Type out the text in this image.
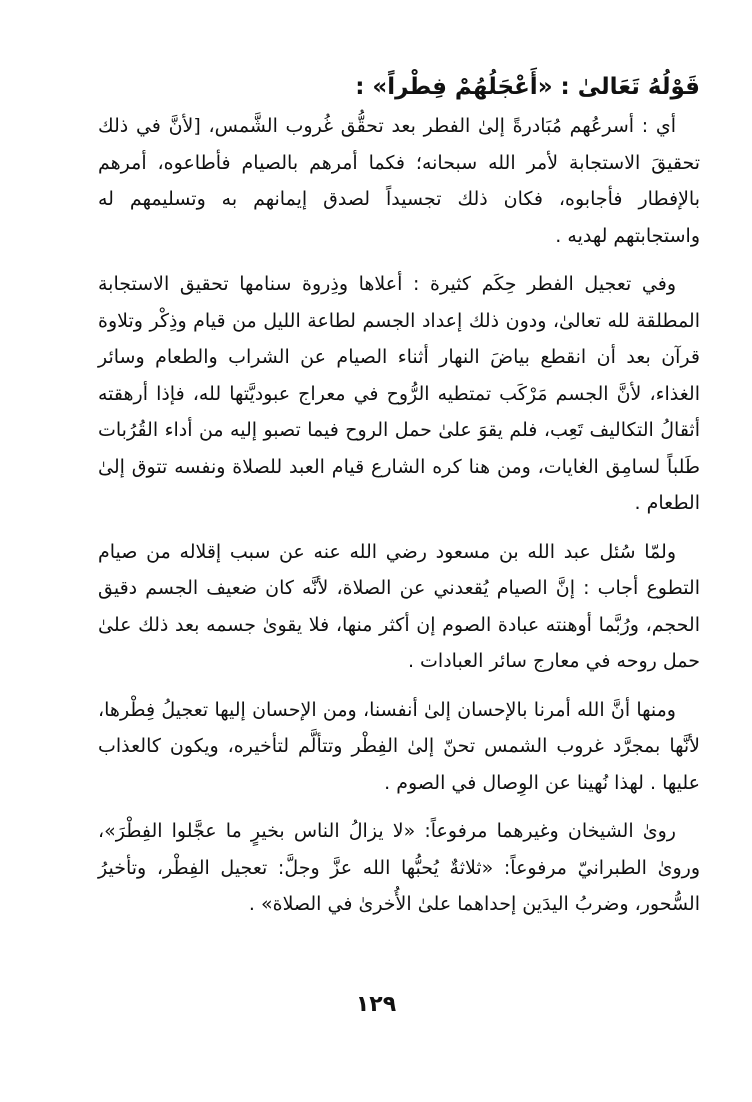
قَوْلُهُ تَعَالىٰ : «أَعْجَلُهُمْ فِطْراً» :

أي : أسرعُهم مُبَادرةً إلىٰ الفطر بعد تحقُّق غُروب الشَّمس، [لأنَّ في ذلك تحقيقَ الاستجابة لأمر الله سبحانه؛ فكما أمرهم بالصيام فأطاعوه، أمرهم بالإفطار فأجابوه، فكان ذلك تجسيداً لصدق إيمانهم به وتسليمهم له واستجابتهم لهديه .

وفي تعجيل الفطر حِكَم كثيرة : أعلاها وذِروة سنامها تحقيق الاستجابة المطلقة لله تعالىٰ، ودون ذلك إعداد الجسم لطاعة الليل من قيام وذِكْر وتلاوة قرآن بعد أن انقطع بياضَ النهار أثناء الصيام عن الشراب والطعام وسائر الغذاء، لأنَّ الجسم مَرْكَب تمتطيه الرُّوح في معراج عبوديَّتها لله، فإذا أرهقته أثقالُ التكاليف تَعِب، فلم يقوَ علىٰ حمل الروح فيما تصبو إليه من أداء القُرُبات طَلباً لسامِق الغايات، ومن هنا كره الشارع قيام العبد للصلاة ونفسه تتوق إلىٰ الطعام .

ولمّا سُئل عبد الله بن مسعود رضي الله عنه عن سبب إقلاله من صيام التطوع أجاب : إنَّ الصيام يُقعدني عن الصلاة، لأنَّه كان ضعيف الجسم دقيق الحجم، ورُبَّما أوهنته عبادة الصوم إن أكثر منها، فلا يقوىٰ جسمه بعد ذلك علىٰ حمل روحه في معارج سائر العبادات .

ومنها أنَّ الله أمرنا بالإحسان إلىٰ أنفسنا، ومن الإحسان إليها تعجيلُ فِطْرها، لأنَّها بمجرَّد غروب الشمس تحنّ إلىٰ الفِطْر وتتألَّم لتأخيره، ويكون كالعذاب عليها . لهذا نُهينا عن الوِصال في الصوم .

روىٰ الشيخان وغيرهما مرفوعاً: «لا يزالُ الناس بخيرٍ ما عجَّلوا الفِطْرَ»، وروىٰ الطبرانيّ مرفوعاً: «ثلاثةٌ يُحبُّها الله عزَّ وجلَّ: تعجيل الفِطْر، وتأخيرُ السُّحور، وضربُ اليدَين إحداهما علىٰ الأُخرىٰ في الصلاة» .

١٢٩
